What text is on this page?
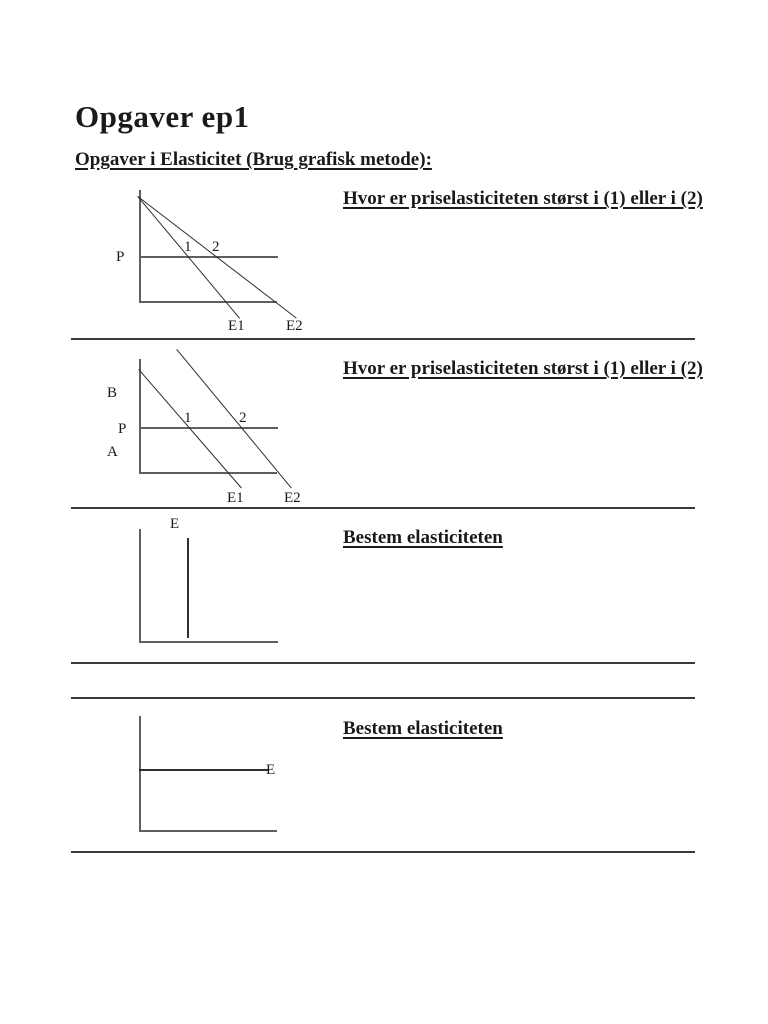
Opgaver ep1
Opgaver i Elasticitet (Brug grafisk metode):
P
1 2
E1	E2
Hvor er priselasticiteten størst i (1) eller i (2)
B
P
A
1	2
E1	E2
Hvor er priselasticiteten størst i (1) eller i (2)
E
Bestem elasticiteten
E
Bestem elasticiteten
